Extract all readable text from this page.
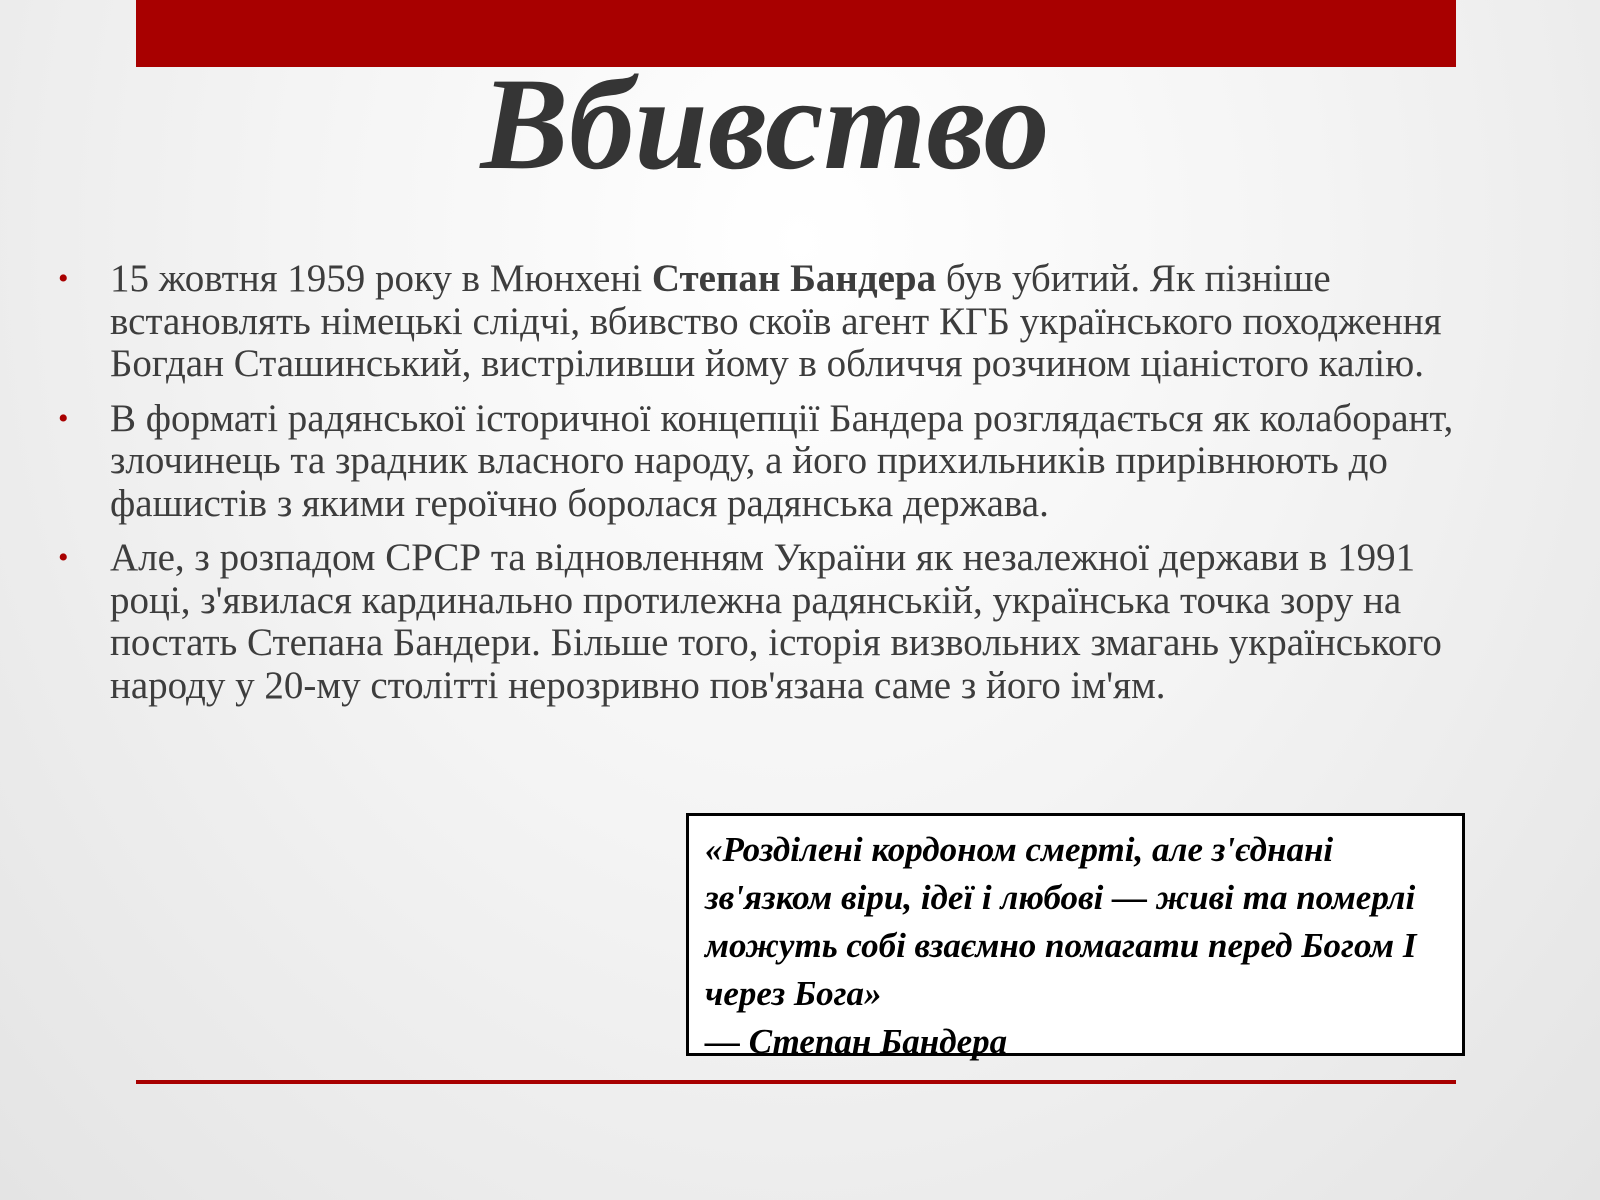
Вбивство
• 15 жовтня 1959 року в Мюнхені Степан Бандера був убитий. Як пізніше встановлять німецькі слідчі, вбивство скоїв агент КГБ українського походження Богдан Сташинський, вистріливши йому в обличчя розчином ціаністого калію.
• В форматі радянської історичної концепції Бандера розглядається як колаборант, злочинець та зрадник власного народу, а його прихильників прирівнюють до фашистів з якими героїчно боролася радянська держава.
• Але, з розпадом СРСР та відновленням України як незалежної держави в 1991 році, з'явилася кардинально протилежна радянській, українська точка зору на постать Степана Бандери. Більше того, історія визвольних змагань українського народу у 20-му столітті нерозривно пов'язана саме з його ім'ям.
«Розділені кордоном смерті, але з'єднані зв'язком віри, ідеї і любові — живі та померлі можуть собі взаємно помагати перед Богом І через Бога»
— Степан Бандера
